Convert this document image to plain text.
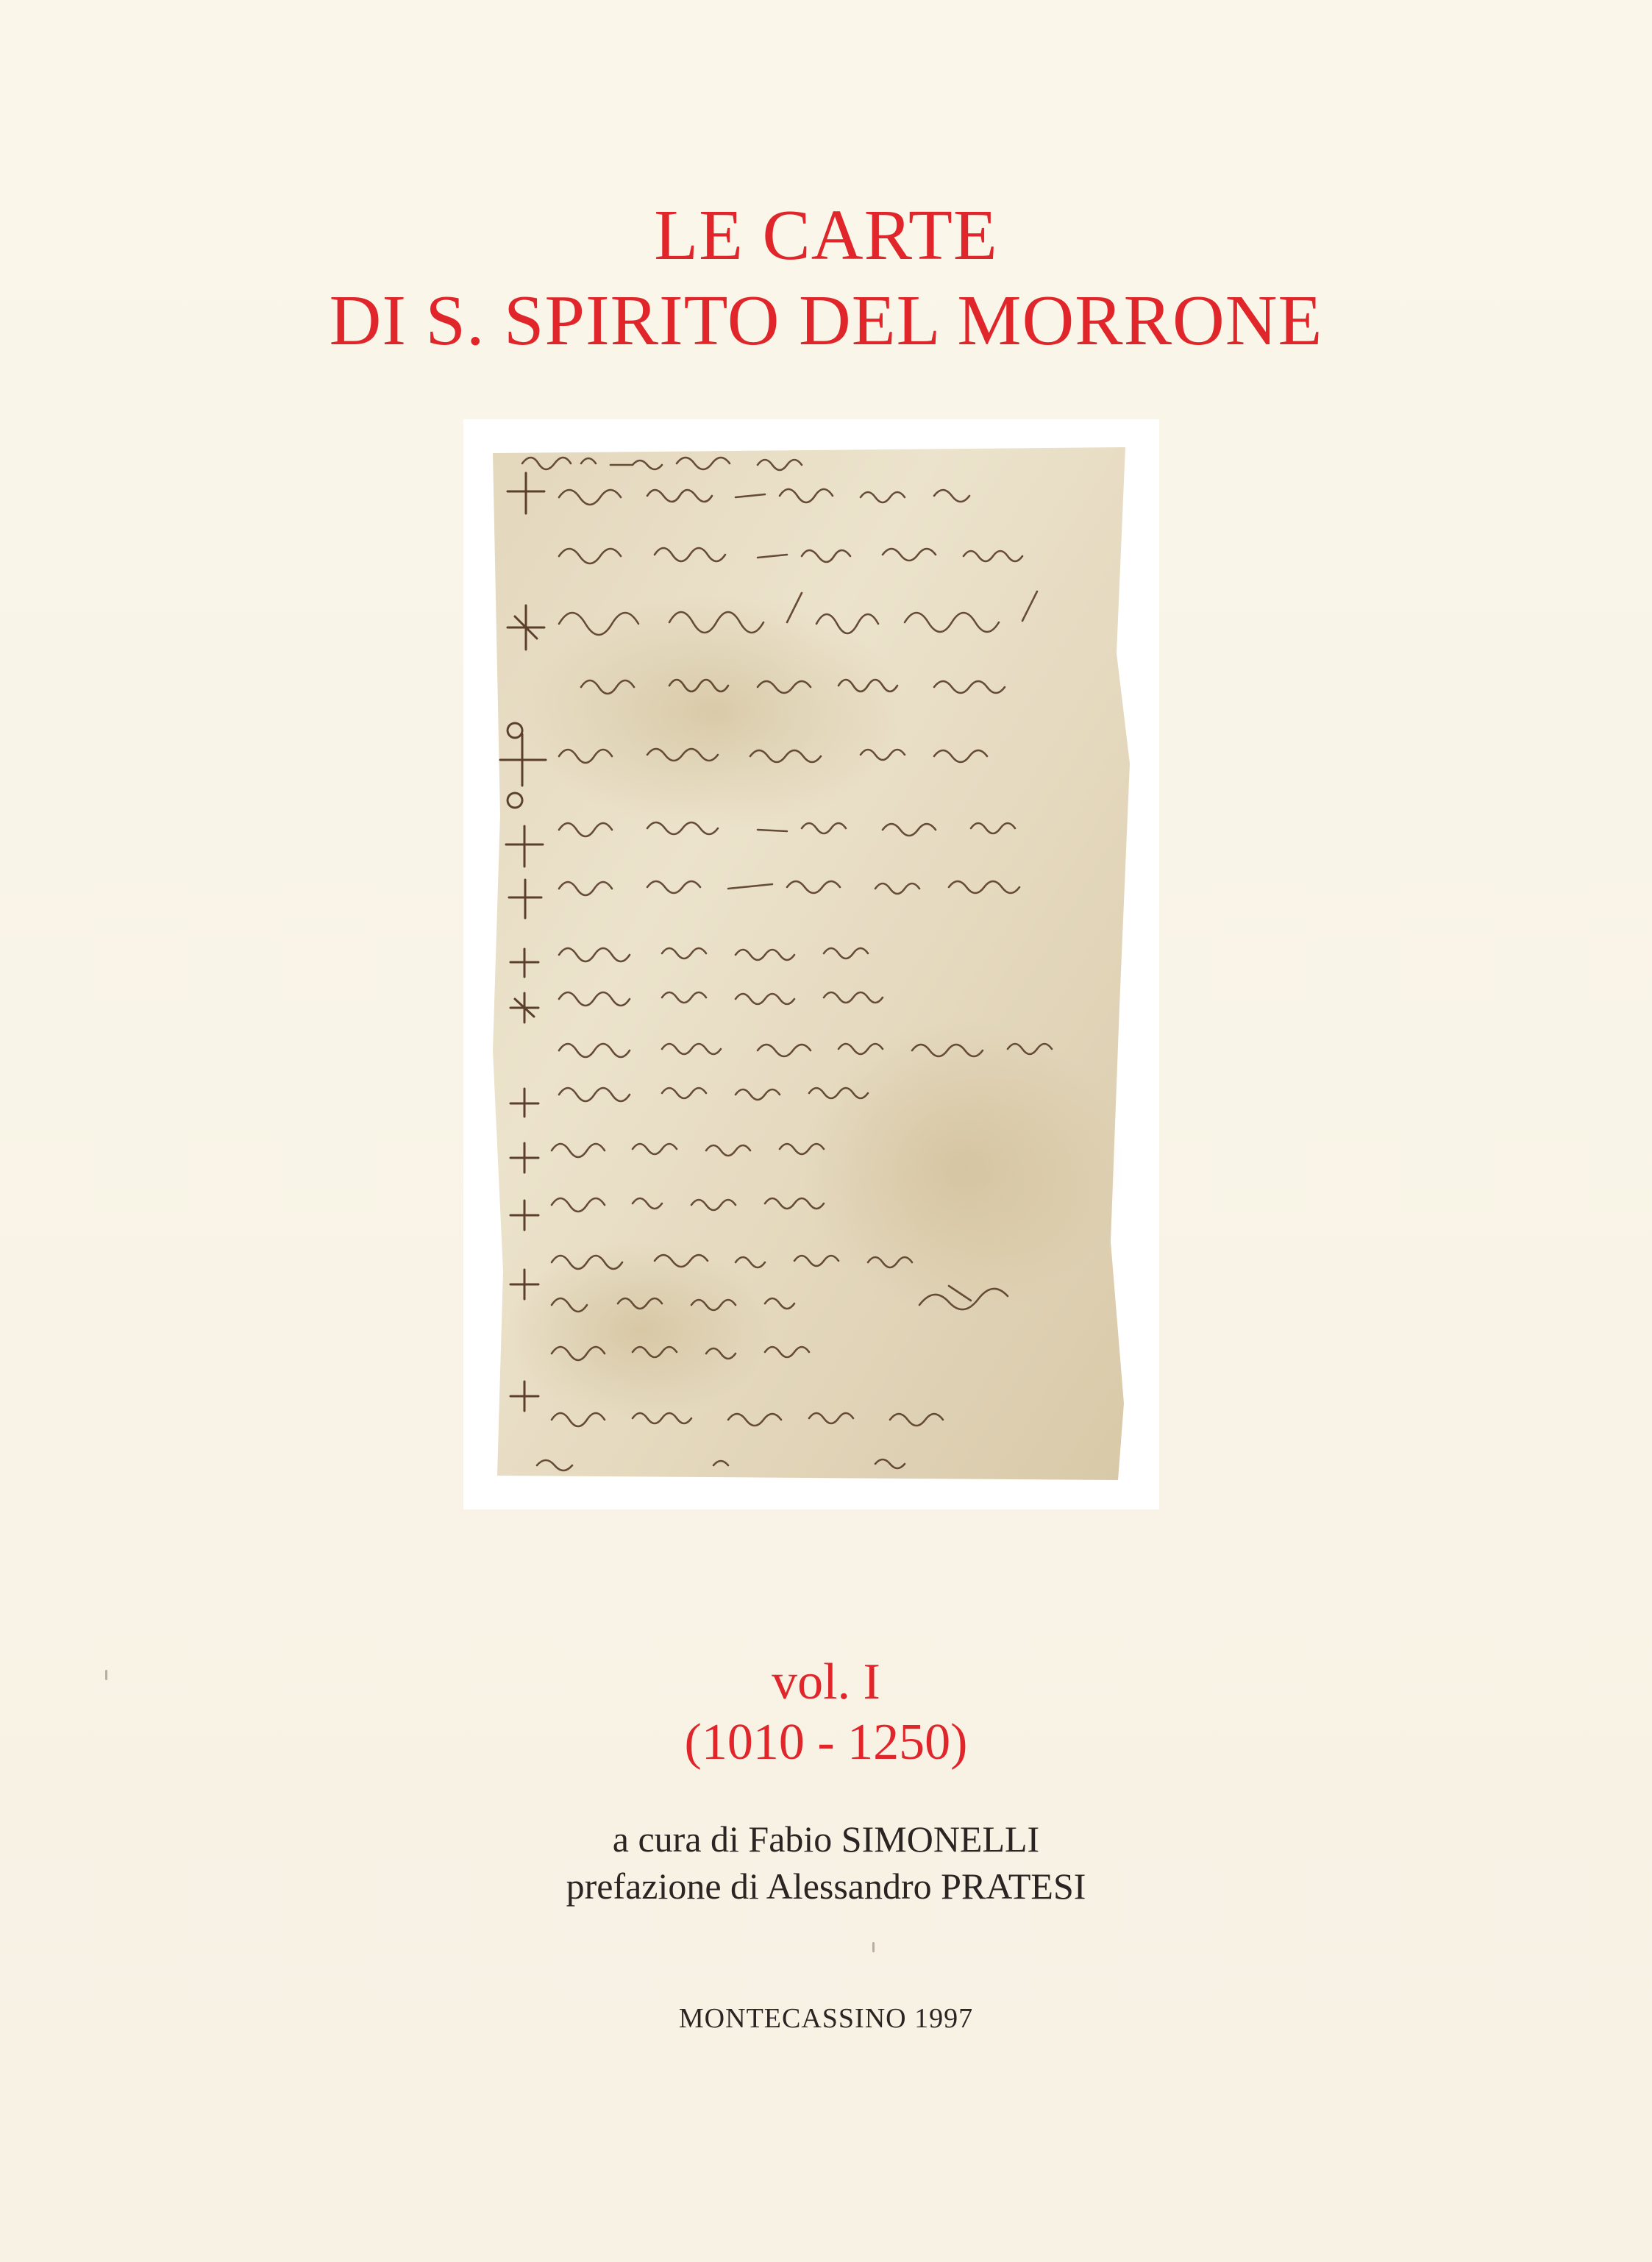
LE CARTE
DI S. SPIRITO DEL MORRONE
vol. I
(1010 - 1250)
a cura di Fabio SIMONELLI
prefazione di Alessandro PRATESI
MONTECASSINO 1997
